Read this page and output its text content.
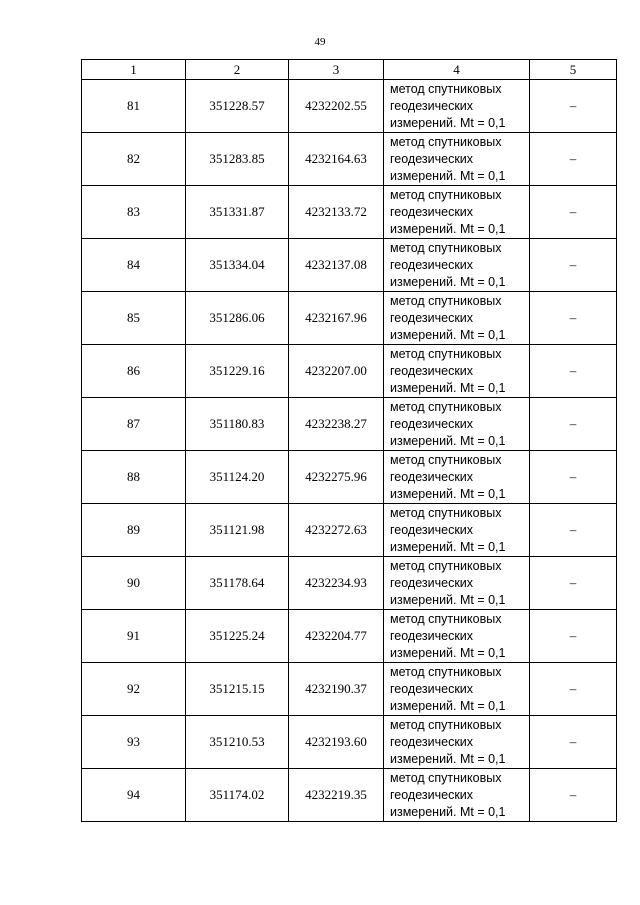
49
1	2	3	4	5
81	351228.57	4232202.55	метод спутниковых
геодезических
измерений. Mt = 0,1	–
82	351283.85	4232164.63	метод спутниковых
геодезических
измерений. Mt = 0,1	–
83	351331.87	4232133.72	метод спутниковых
геодезических
измерений. Mt = 0,1	–
84	351334.04	4232137.08	метод спутниковых
геодезических
измерений. Mt = 0,1	–
85	351286.06	4232167.96	метод спутниковых
геодезических
измерений. Mt = 0,1	–
86	351229.16	4232207.00	метод спутниковых
геодезических
измерений. Mt = 0,1	–
87	351180.83	4232238.27	метод спутниковых
геодезических
измерений. Mt = 0,1	–
88	351124.20	4232275.96	метод спутниковых
геодезических
измерений. Mt = 0,1	–
89	351121.98	4232272.63	метод спутниковых
геодезических
измерений. Mt = 0,1	–
90	351178.64	4232234.93	метод спутниковых
геодезических
измерений. Mt = 0,1	–
91	351225.24	4232204.77	метод спутниковых
геодезических
измерений. Mt = 0,1	–
92	351215.15	4232190.37	метод спутниковых
геодезических
измерений. Mt = 0,1	–
93	351210.53	4232193.60	метод спутниковых
геодезических
измерений. Mt = 0,1	–
94	351174.02	4232219.35	метод спутниковых
геодезических
измерений. Mt = 0,1	–
